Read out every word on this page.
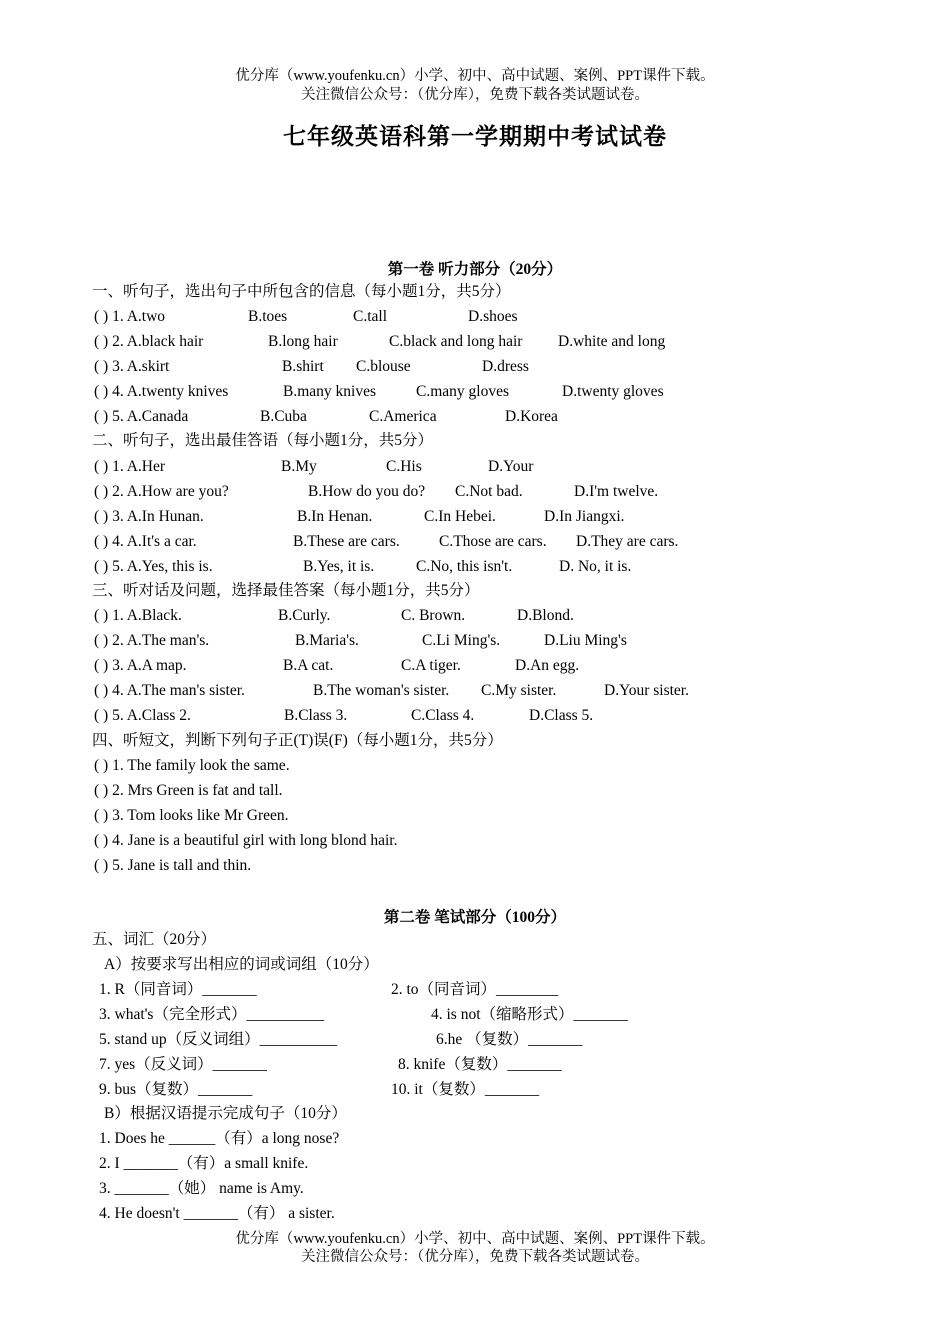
优分库（www.youfenku.cn）小学、初中、高中试题、案例、PPT课件下载。
关注微信公众号：（优分库），免费下载各类试题试卷。
七年级英语科第一学期期中考试试卷
第一卷 听力部分（20分）
一、听句子，选出句子中所包含的信息（每小题1分，共5分）
( ) 1. A.two	B.toes	C.tall	D.shoes
( ) 2. A.black hair	B.long hair	C.black and long hair D.white and long
( ) 3. A.skirt	B.shirt C.blouse	D.dress
( ) 4. A.twenty knives	B.many knives	C.many gloves	D.twenty gloves
( ) 5. A.Canada	B.Cuba	C.America	D.Korea
二、听句子，选出最佳答语（每小题1分，共5分）
( ) 1. A.Her	B.My	C.His	D.Your
( ) 2. A.How are you?	B.How do you do? C.Not bad.	D.I'm twelve.
( ) 3. A.In Hunan.	B.In Henan.	C.In Hebei.	D.In Jiangxi.
( ) 4. A.It's a car.	B.These are cars.	C.Those are cars. D.They are cars.
( ) 5. A.Yes, this is.	B.Yes, it is.	C.No, this isn't.	D. No, it is.
三、听对话及问题，选择最佳答案（每小题1分，共5分）
( ) 1. A.Black.	B.Curly.	C. Brown.	D.Blond.
( ) 2. A.The man's.	B.Maria's.	C.Li Ming's.	D.Liu Ming's
( ) 3. A.A map.	B.A cat.	C.A tiger.	D.An egg.
( ) 4. A.The man's sister.	B.The woman's sister. C.My sister.	D.Your sister.
( ) 5. A.Class 2.	B.Class 3.	C.Class 4.	D.Class 5.
四、听短文，判断下列句子正(T)误(F)（每小题1分，共5分）
( ) 1. The family look the same.
( ) 2. Mrs Green is fat and tall.
( ) 3. Tom looks like Mr Green.
( ) 4. Jane is a beautiful girl with long blond hair.
( ) 5. Jane is tall and thin.
第二卷 笔试部分（100分）
五、词汇（20分）
A）按要求写出相应的词或词组（10分）
1. R（同音词）_______	2. to（同音词）________
3. what's（完全形式）__________	4. is not（缩略形式）_______
5. stand up（反义词组）__________	6.he （复数）_______
7. yes（反义词）_______	8. knife（复数）_______
9. bus（复数）_______	10. it（复数）_______
B）根据汉语提示完成句子（10分）
1. Does he ______（有）a long nose?
2. I _______（有）a small knife.
3. _______（她） name is Amy.
4. He doesn't _______（有） a sister.
优分库（www.youfenku.cn）小学、初中、高中试题、案例、PPT课件下载。
关注微信公众号：（优分库），免费下载各类试题试卷。
